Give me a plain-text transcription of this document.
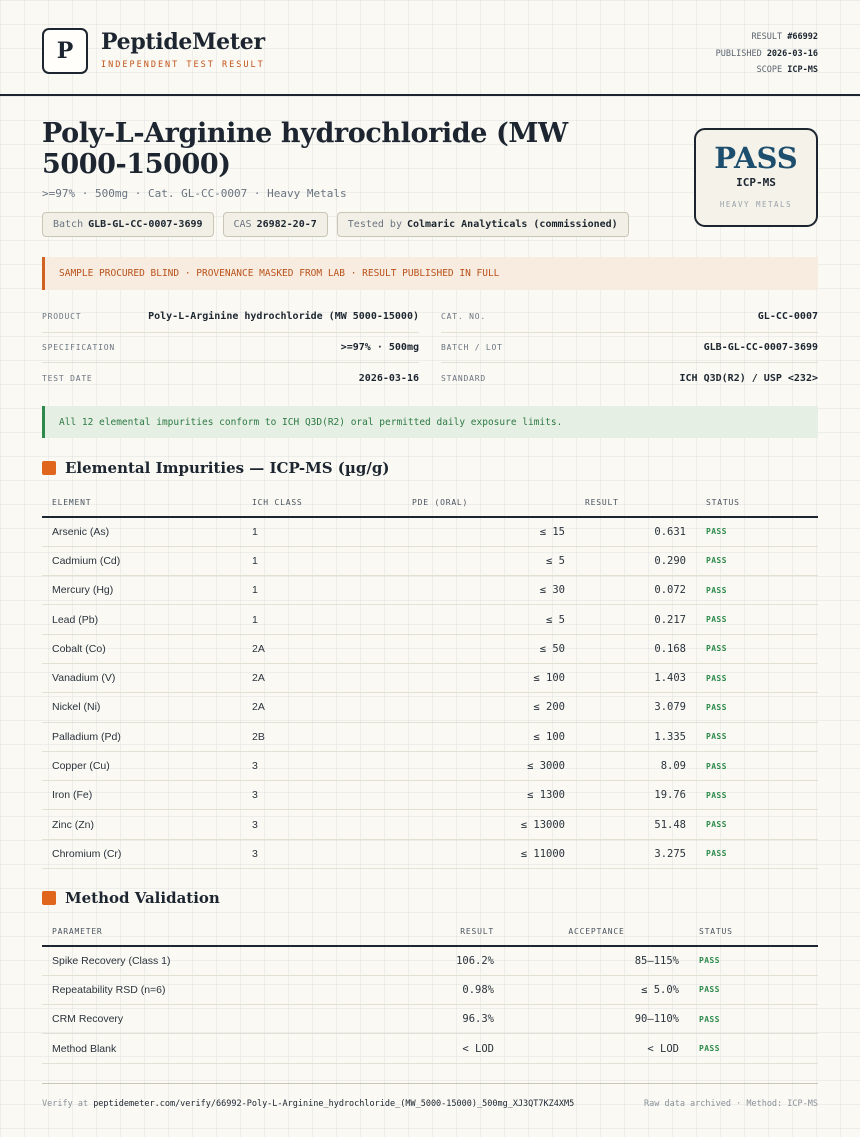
P	PeptideMeter
INDEPENDENT TEST RESULT
RESULT #66992
PUBLISHED 2026-03-16
SCOPE ICP-MS
Poly-L-Arginine hydrochloride (MW 5000-15000)
>=97% · 500mg · Cat. GL-CC-0007 · Heavy Metals
Batch GLB-GL-CC-0007-3699	CAS 26982-20-7	Tested by Colmaric Analyticals (commissioned)
PASS
ICP-MS
HEAVY METALS
SAMPLE PROCURED BLIND · PROVENANCE MASKED FROM LAB · RESULT PUBLISHED IN FULL
PRODUCT	Poly-L-Arginine hydrochloride (MW 5000-15000)
SPECIFICATION	>=97% · 500mg
TEST DATE	2026-03-16
CAT. NO.	GL-CC-0007
BATCH / LOT	GLB-GL-CC-0007-3699
STANDARD	ICH Q3D(R2) / USP <232>
All 12 elemental impurities conform to ICH Q3D(R2) oral permitted daily exposure limits.
Elemental Impurities — ICP-MS (µg/g)
ELEMENT	ICH CLASS	PDE (ORAL)	RESULT	STATUS
Arsenic (As)	1	≤ 15	0.631	PASS
Cadmium (Cd)	1	≤ 5	0.290	PASS
Mercury (Hg)	1	≤ 30	0.072	PASS
Lead (Pb)	1	≤ 5	0.217	PASS
Cobalt (Co)	2A	≤ 50	0.168	PASS
Vanadium (V)	2A	≤ 100	1.403	PASS
Nickel (Ni)	2A	≤ 200	3.079	PASS
Palladium (Pd)	2B	≤ 100	1.335	PASS
Copper (Cu)	3	≤ 3000	8.09	PASS
Iron (Fe)	3	≤ 1300	19.76	PASS
Zinc (Zn)	3	≤ 13000	51.48	PASS
Chromium (Cr)	3	≤ 11000	3.275	PASS
Method Validation
PARAMETER	RESULT	ACCEPTANCE	STATUS
Spike Recovery (Class 1)	106.2%	85–115%	PASS
Repeatability RSD (n=6)	0.98%	≤ 5.0%	PASS
CRM Recovery	96.3%	90–110%	PASS
Method Blank	< LOD	< LOD	PASS
Verify at peptidemeter.com/verify/66992-Poly-L-Arginine_hydrochloride_(MW_5000-15000)_500mg_XJ3QT7KZ4XM5	Raw data archived · Method: ICP-MS
